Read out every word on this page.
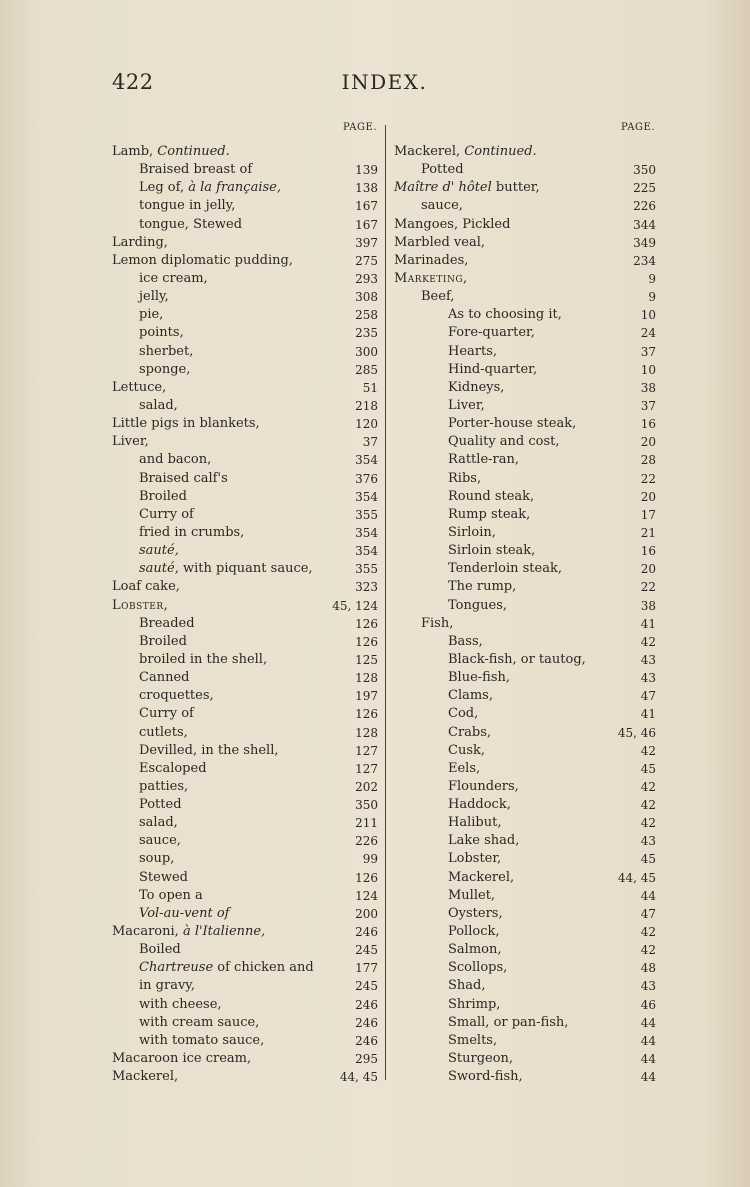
422	INDEX.
PAGE.	PAGE.
Lamb, Continued.
Braised breast of	139
Leg of, à la française,	138
tongue in jelly,	167
tongue, Stewed	167
Larding,	397
Lemon diplomatic pudding,	275
ice cream,	293
jelly,	308
pie,	258
points,	235
sherbet,	300
sponge,	285
Lettuce,	51
salad,	218
Little pigs in blankets,	120
Liver,	37
and bacon,	354
Braised calf's	376
Broiled	354
Curry of	355
fried in crumbs,	354
sauté,	354
sauté, with piquant sauce,	355
Loaf cake,	323
Lobster,	45, 124
Breaded	126
Broiled	126
broiled in the shell,	125
Canned	128
croquettes,	197
Curry of	126
cutlets,	128
Devilled, in the shell,	127
Escaloped	127
patties,	202
Potted	350
salad,	211
sauce,	226
soup,	99
Stewed	126
To open a	124
Vol-au-vent of	200
Macaroni, à l'Italienne,	246
Boiled	245
Chartreuse of chicken and	177
in gravy,	245
with cheese,	246
with cream sauce,	246
with tomato sauce,	246
Macaroon ice cream,	295
Mackerel,	44, 45
Mackerel, Continued.
Potted	350
Maître d' hôtel butter,	225
sauce,	226
Mangoes, Pickled	344
Marbled veal,	349
Marinades,	234
Marketing,	9
Beef,	9
As to choosing it,	10
Fore-quarter,	24
Hearts,	37
Hind-quarter,	10
Kidneys,	38
Liver,	37
Porter-house steak,	16
Quality and cost,	20
Rattle-ran,	28
Ribs,	22
Round steak,	20
Rump steak,	17
Sirloin,	21
Sirloin steak,	16
Tenderloin steak,	20
The rump,	22
Tongues,	38
Fish,	41
Bass,	42
Black-fish, or tautog,	43
Blue-fish,	43
Clams,	47
Cod,	41
Crabs,	45, 46
Cusk,	42
Eels,	45
Flounders,	42
Haddock,	42
Halibut,	42
Lake shad,	43
Lobster,	45
Mackerel,	44, 45
Mullet,	44
Oysters,	47
Pollock,	42
Salmon,	42
Scollops,	48
Shad,	43
Shrimp,	46
Small, or pan-fish,	44
Smelts,	44
Sturgeon,	44
Sword-fish,	44
